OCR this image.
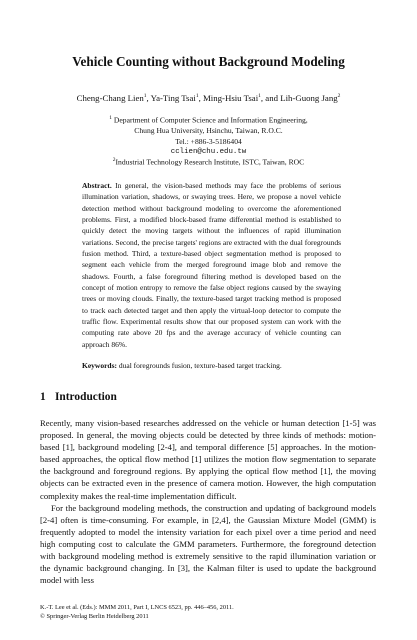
Vehicle Counting without Background Modeling
Cheng-Chang Lien$^1$, Ya-Ting Tsai$^1$, Ming-Hsiu Tsai$^1$, and Lih-Guong Jang$^2$
$^1$ Department of Computer Science and Information Engineering,
Chung Hua University, Hsinchu, Taiwan, R.O.C.
Tel.: +886-3-5186404
cclien@chu.edu.tw
$^2$Industrial Technology Research Institute, ISTC, Taiwan, ROC
Abstract. In general, the vision-based methods may face the problems of serious illumination variation, shadows, or swaying trees. Here, we propose a novel vehicle detection method without background modeling to overcome the aforementioned problems. First, a modified block-based frame differential method is established to quickly detect the moving targets without the influences of rapid illumination variations. Second, the precise targets' regions are extracted with the dual foregrounds fusion method. Third, a texture-based object segmentation method is proposed to segment each vehicle from the merged foreground image blob and remove the shadows. Fourth, a false foreground filtering method is developed based on the concept of motion entropy to remove the false object regions caused by the swaying trees or moving clouds. Finally, the texture-based target tracking method is proposed to track each detected target and then apply the virtual-loop detector to compute the traffic flow. Experimental results show that our proposed system can work with the computing rate above 20 fps and the average accuracy of vehicle counting can approach 86%.
Keywords: dual foregrounds fusion, texture-based target tracking.
1 Introduction

Recently, many vision-based researches addressed on the vehicle or human detection [1-5] was proposed. In general, the moving objects could be detected by three kinds of methods: motion-based [1], background modeling [2-4], and temporal difference [5] approaches. In the motion-based approaches, the optical flow method [1] utilizes the motion flow segmentation to separate the background and foreground regions. By applying the optical flow method [1], the moving objects can be extracted even in the presence of camera motion. However, the high computation complexity makes the real-time implementation difficult.

For the background modeling methods, the construction and updating of background models [2-4] often is time-consuming. For example, in [2,4], the Gaussian Mixture Model (GMM) is frequently adopted to model the intensity variation for each pixel over a time period and need high computing cost to calculate the GMM parameters. Furthermore, the foreground detection with background modeling method is extremely sensitive to the rapid illumination variation or the dynamic background changing. In [3], the Kalman filter is used to update the background model with less

K.-T. Lee et al. (Eds.): MMM 2011, Part I, LNCS 6523, pp. 446–456, 2011.
© Springer-Verlag Berlin Heidelberg 2011
